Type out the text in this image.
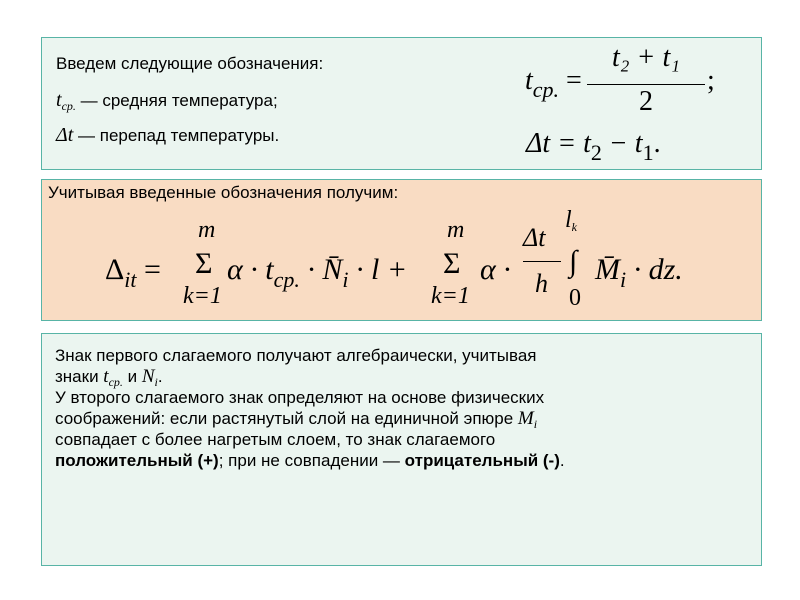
Введем следующие обозначения:
$t_{ср.}$ — средняя температура;
Δt — перепад температуры.
$t_{ср.}$ =
t₂ + t₁
2
;
$\Delta t = t_2 - t_1$.
Учитывая введенные обозначения получим:
$\Delta_{it}$ =
m
Σ
k=1
$\alpha \cdot t_{ср.}$ · $N̄_i \cdot l$ +
m
Σ
k=1
α ·
Δt
h
lk
∫
0
$M̄_i$ · dz.
Знак первого слагаемого получают алгебраически, учитывая
знаки $t_{ср.}$ и $N_i$.
У второго слагаемого знак определяют на основе физических
соображений: если растянутый слой на единичной эпюре $M_i$
совпадает с более нагретым слоем, то знак слагаемого
положительный (+); при не совпадении — отрицательный (-).
